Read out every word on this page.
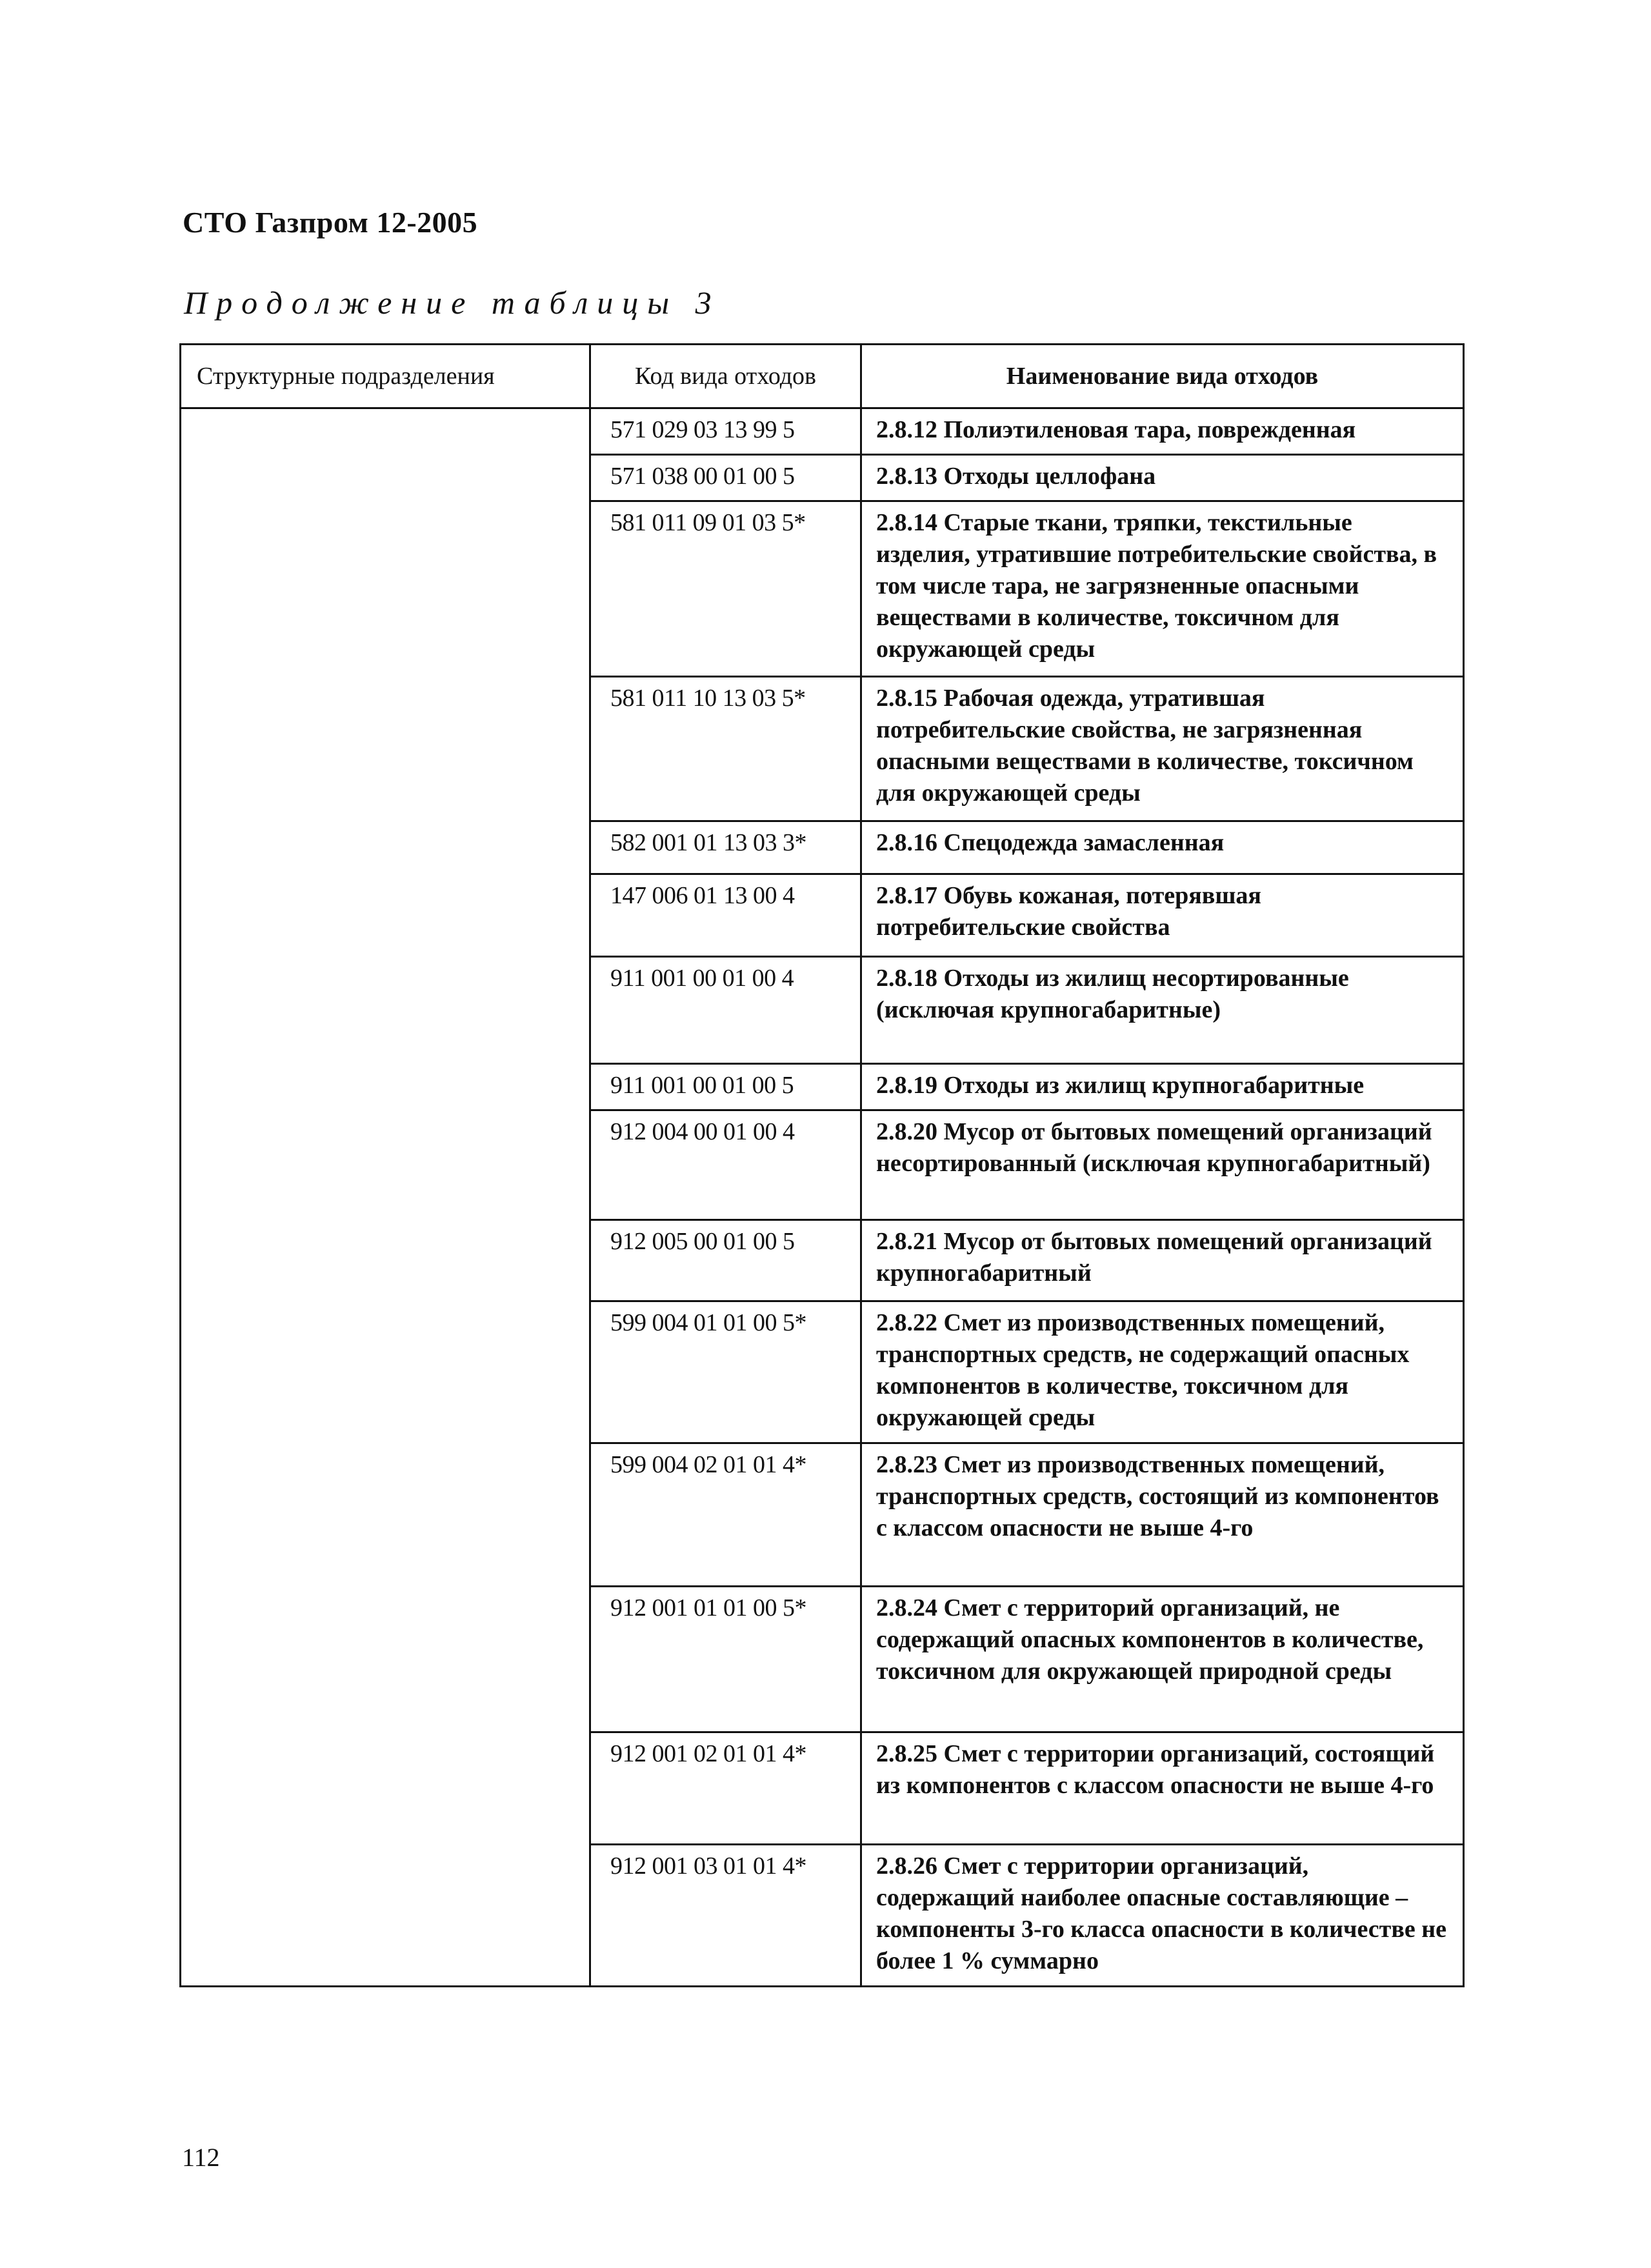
СТО Газпром 12-2005
Продолжение таблицы 3
Структурные подразделения	Код вида отходов	Наименование вида отходов
	571 029 03 13 99 5	2.8.12 Полиэтиленовая тара, поврежденная
	571 038 00 01 00 5	2.8.13 Отходы целлофана
	581 011 09 01 03 5*	2.8.14 Старые ткани, тряпки, текстильные изделия, утратившие потребительские свойства, в том числе тара, не загрязненные опасными веществами в количестве, токсичном для окружающей среды
	581 011 10 13 03 5*	2.8.15 Рабочая одежда, утратившая потребительские свойства, не загрязненная опасными веществами в количестве, токсичном для окружающей среды
	582 001 01 13 03 3*	2.8.16 Спецодежда замасленная
	147 006 01 13 00 4	2.8.17 Обувь кожаная, потерявшая потребительские свойства
	911 001 00 01 00 4	2.8.18 Отходы из жилищ несортированные (исключая крупногабаритные)
	911 001 00 01 00 5	2.8.19 Отходы из жилищ крупногабаритные
	912 004 00 01 00 4	2.8.20 Мусор от бытовых помещений организаций несортированный (исключая крупногабаритный)
	912 005 00 01 00 5	2.8.21 Мусор от бытовых помещений организаций крупногабаритный
	599 004 01 01 00 5*	2.8.22 Смет из производственных помещений, транспортных средств, не содержащий опасных компонентов в количестве, токсичном для окружающей среды
	599 004 02 01 01 4*	2.8.23 Смет из производственных помещений, транспортных средств, состоящий из компонентов с классом опасности не выше 4-го
	912 001 01 01 00 5*	2.8.24 Смет с территорий организаций, не содержащий опасных компонентов в количестве, токсичном для окружающей природной среды
	912 001 02 01 01 4*	2.8.25 Смет с территории организаций, состоящий из компонентов с классом опасности не выше 4-го
	912 001 03 01 01 4*	2.8.26 Смет с территории организаций, содержащий наиболее опасные составляющие – компоненты 3-го класса опасности в количестве не более 1 % суммарно
112
